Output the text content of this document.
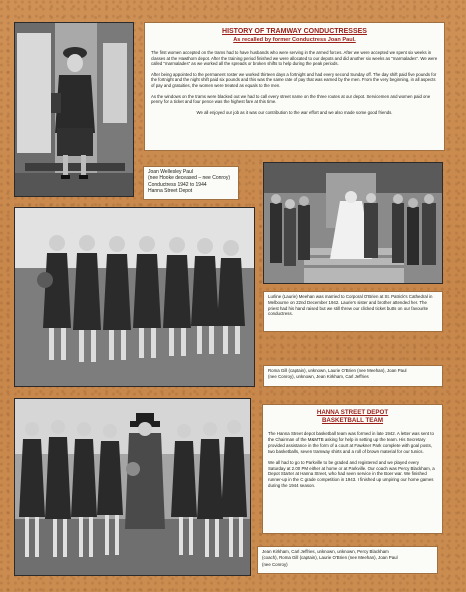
HISTORY OF TRAMWAY CONDUCTRESSES
As recalled by former Conductress Joan Paul.

The first women accepted on the trams had to have husbands who were serving in the armed forces. After we were accepted we spent six weeks in classes at the Hawthorn depot. After the training period finished we were allocated to our depots and did another six weeks as "marmalades". We were called "marmalades" as we worked all the spreads or broken shifts to help during the peak periods.

After being appointed to the permanent roster we worked thirteen days a fortnight and had every second Sunday off. The day shift paid five pounds for the fortnight and the night shift paid six pounds and this was the same rate of pay that was earned by the men. From the very beginning, in all aspects of pay and gratuities, the women were treated as equals to the men.

As the windows on the trams were blacked out we had to call every street name on the three routes at our depot. Servicemen and women paid one penny for a ticket and four pence was the highest fare at this time.

We all enjoyed our job as it was our contribution to the war effort and we also made some good friends.

Joan Wellesley Paul
(nee Hooke deceased – nee Conroy)
Conductress 1942 to 1944
Hanna Street Depot
Lurline (Laurie) Meehan was married to Corporal O'Brien at St. Patrick's Cathedral in Melbourne on 22nd December 1942. Laurie's sister and brother attended her. The priest had his hand raised but we still threw our clicked ticket butts on our favourite conductress.
Roma Gill (captain), unknown, Laurie O'Brien (nee Meehan), Joan Paul
(nee Conroy), unknown, Jean Kirkham, Carl Jeffries
HANNA STREET DEPOT
BASKETBALL TEAM

The Hanna Street depot basketball team was formed in late 1942. A letter was sent to the Chairman of the M&MTB asking for help in setting up the team. His Secretary provided assistance in the form of a court at Fawkner Park complete with goal posts, two basketballs, seven tramway shirts and a roll of brown material for our tunics.

We all had to go to Parkville to be graded and registered and we played every Saturday at 2.00 PM either at home or at Parkville. Our coach was Percy Blackham, a Depot Starter at Hanna Street, who had seen service in the Boer war. We finished runner-up in the C grade competition in 1943. I finished up umpiring our home games during the 1944 season.

Jean Kirkham, Carl Jeffries, unknown, unknown, Percy Blackham
(coach), Roma Gill (captain), Laurie O'Brien (nee Meehan), Joan Paul
(nee Conroy)
